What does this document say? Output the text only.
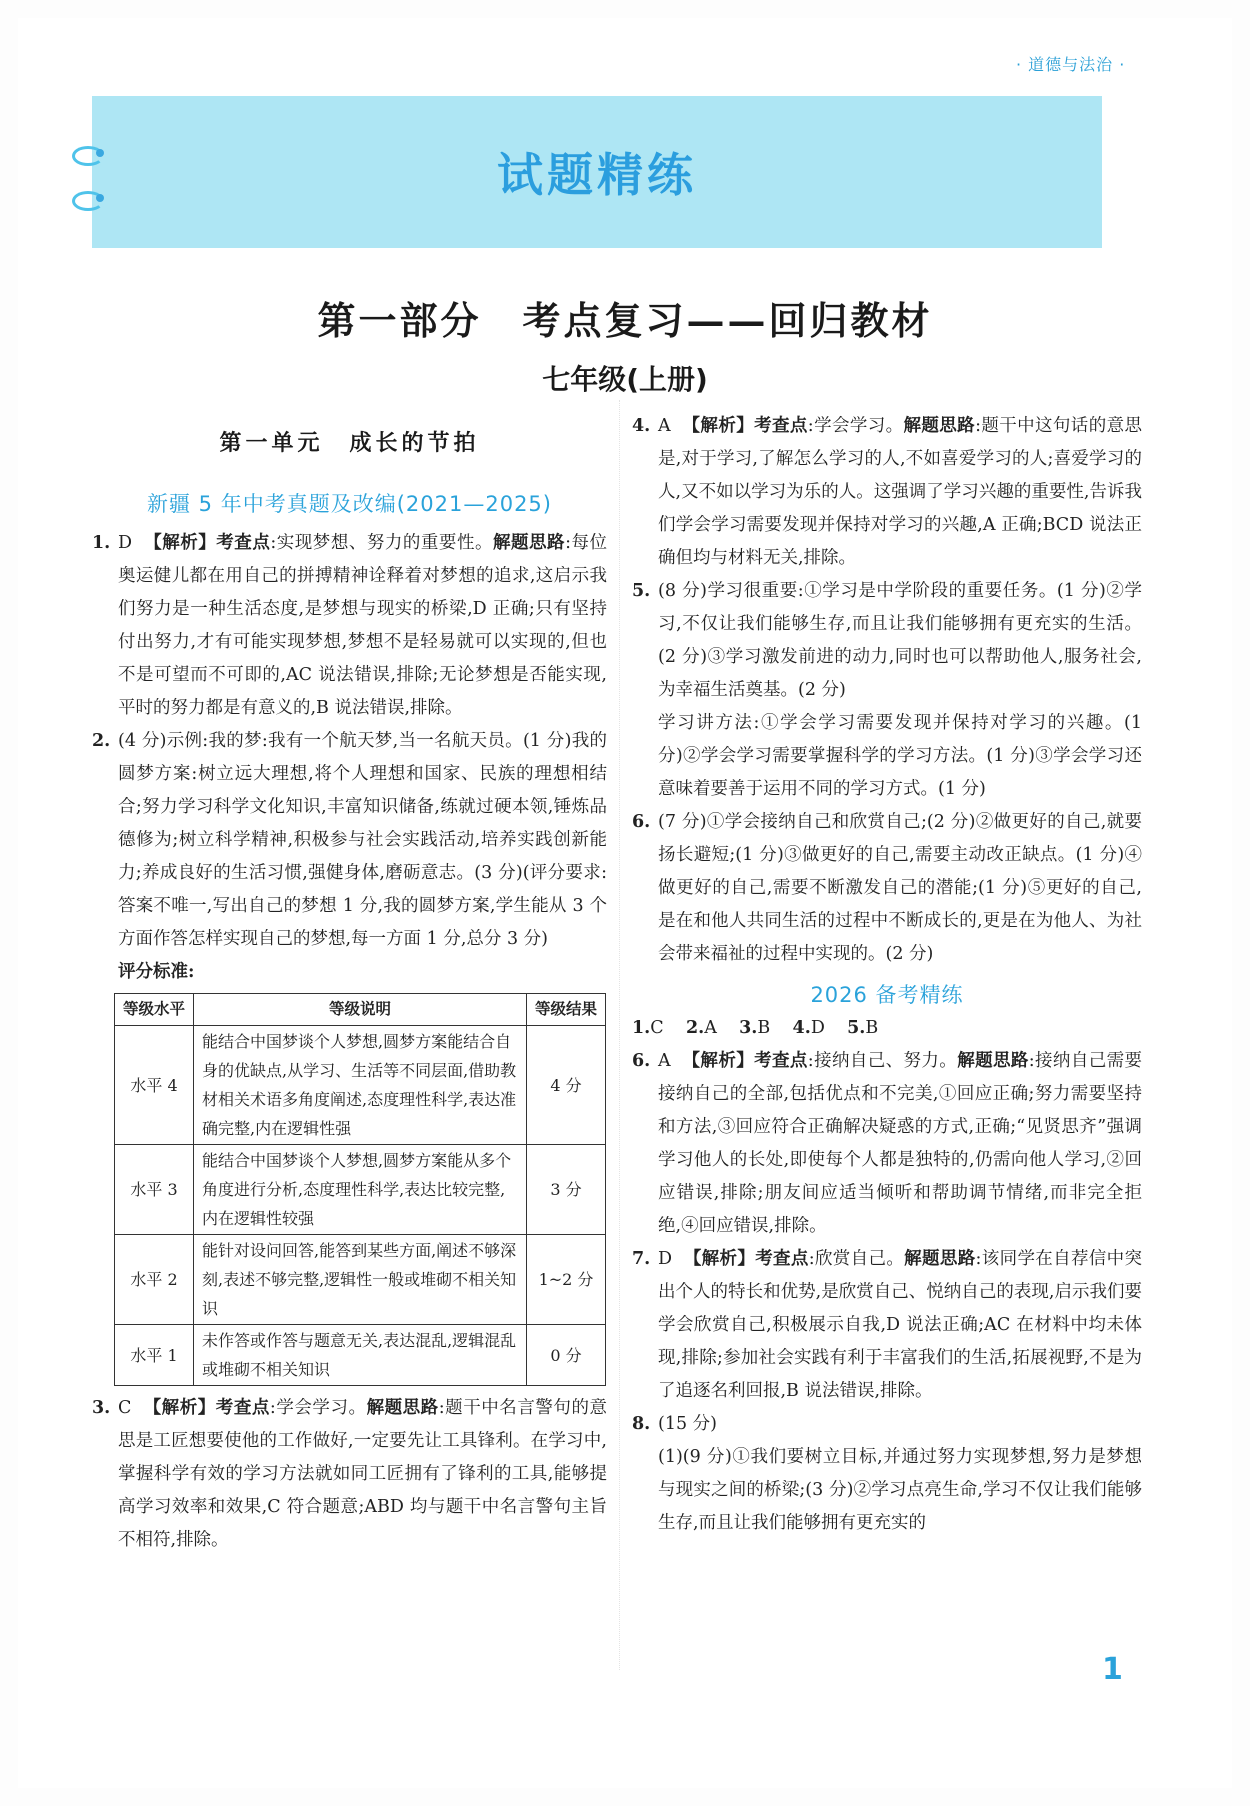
· 道德与法治 ·
试题精练
第一部分　考点复习——回归教材
七年级(上册)
第一单元　成长的节拍
新疆 5 年中考真题及改编(2021—2025)
1. D 【解析】考查点:实现梦想、努力的重要性。解题思路:每位奥运健儿都在用自己的拼搏精神诠释着对梦想的追求,这启示我们努力是一种生活态度,是梦想与现实的桥梁,D 正确;只有坚持付出努力,才有可能实现梦想,梦想不是轻易就可以实现的,但也不是可望而不可即的,AC 说法错误,排除;无论梦想是否能实现,平时的努力都是有意义的,B 说法错误,排除。
2. (4 分)示例:我的梦:我有一个航天梦,当一名航天员。(1 分)我的圆梦方案:树立远大理想,将个人理想和国家、民族的理想相结合;努力学习科学文化知识,丰富知识储备,练就过硬本领,锤炼品德修为;树立科学精神,积极参与社会实践活动,培养实践创新能力;养成良好的生活习惯,强健身体,磨砺意志。(3 分)(评分要求:答案不唯一,写出自己的梦想 1 分,我的圆梦方案,学生能从 3 个方面作答怎样实现自己的梦想,每一方面 1 分,总分 3 分)
评分标准:
等级水平	等级说明	等级结果
水平 4	能结合中国梦谈个人梦想,圆梦方案能结合自身的优缺点,从学习、生活等不同层面,借助教材相关术语多角度阐述,态度理性科学,表达准确完整,内在逻辑性强	4 分
水平 3	能结合中国梦谈个人梦想,圆梦方案能从多个角度进行分析,态度理性科学,表达比较完整,内在逻辑性较强	3 分
水平 2	能针对设问回答,能答到某些方面,阐述不够深刻,表述不够完整,逻辑性一般或堆砌不相关知识	1~2 分
水平 1	未作答或作答与题意无关,表达混乱,逻辑混乱或堆砌不相关知识	0 分
3. C 【解析】考查点:学会学习。解题思路:题干中名言警句的意思是工匠想要使他的工作做好,一定要先让工具锋利。在学习中,掌握科学有效的学习方法就如同工匠拥有了锋利的工具,能够提高学习效率和效果,C 符合题意;ABD 均与题干中名言警句主旨不相符,排除。
4. A 【解析】考查点:学会学习。解题思路:题干中这句话的意思是,对于学习,了解怎么学习的人,不如喜爱学习的人;喜爱学习的人,又不如以学习为乐的人。这强调了学习兴趣的重要性,告诉我们学会学习需要发现并保持对学习的兴趣,A 正确;BCD 说法正确但均与材料无关,排除。
5. (8 分)学习很重要:①学习是中学阶段的重要任务。(1 分)②学习,不仅让我们能够生存,而且让我们能够拥有更充实的生活。(2 分)③学习激发前进的动力,同时也可以帮助他人,服务社会,为幸福生活奠基。(2 分)
学习讲方法:①学会学习需要发现并保持对学习的兴趣。(1 分)②学会学习需要掌握科学的学习方法。(1 分)③学会学习还意味着要善于运用不同的学习方式。(1 分)
6. (7 分)①学会接纳自己和欣赏自己;(2 分)②做更好的自己,就要扬长避短;(1 分)③做更好的自己,需要主动改正缺点。(1 分)④做更好的自己,需要不断激发自己的潜能;(1 分)⑤更好的自己,是在和他人共同生活的过程中不断成长的,更是在为他人、为社会带来福祉的过程中实现的。(2 分)
2026 备考精练
1.C 2.A 3.B 4.D 5.B
6. A 【解析】考查点:接纳自己、努力。解题思路:接纳自己需要接纳自己的全部,包括优点和不完美,①回应正确;努力需要坚持和方法,③回应符合正确解决疑惑的方式,正确;“见贤思齐”强调学习他人的长处,即使每个人都是独特的,仍需向他人学习,②回应错误,排除;朋友间应适当倾听和帮助调节情绪,而非完全拒绝,④回应错误,排除。
7. D 【解析】考查点:欣赏自己。解题思路:该同学在自荐信中突出个人的特长和优势,是欣赏自己、悦纳自己的表现,启示我们要学会欣赏自己,积极展示自我,D 说法正确;AC 在材料中均未体现,排除;参加社会实践有利于丰富我们的生活,拓展视野,不是为了追逐名利回报,B 说法错误,排除。
8. (15 分)
(1)(9 分)①我们要树立目标,并通过努力实现梦想,努力是梦想与现实之间的桥梁;(3 分)②学习点亮生命,学习不仅让我们能够生存,而且让我们能够拥有更充实的
1
